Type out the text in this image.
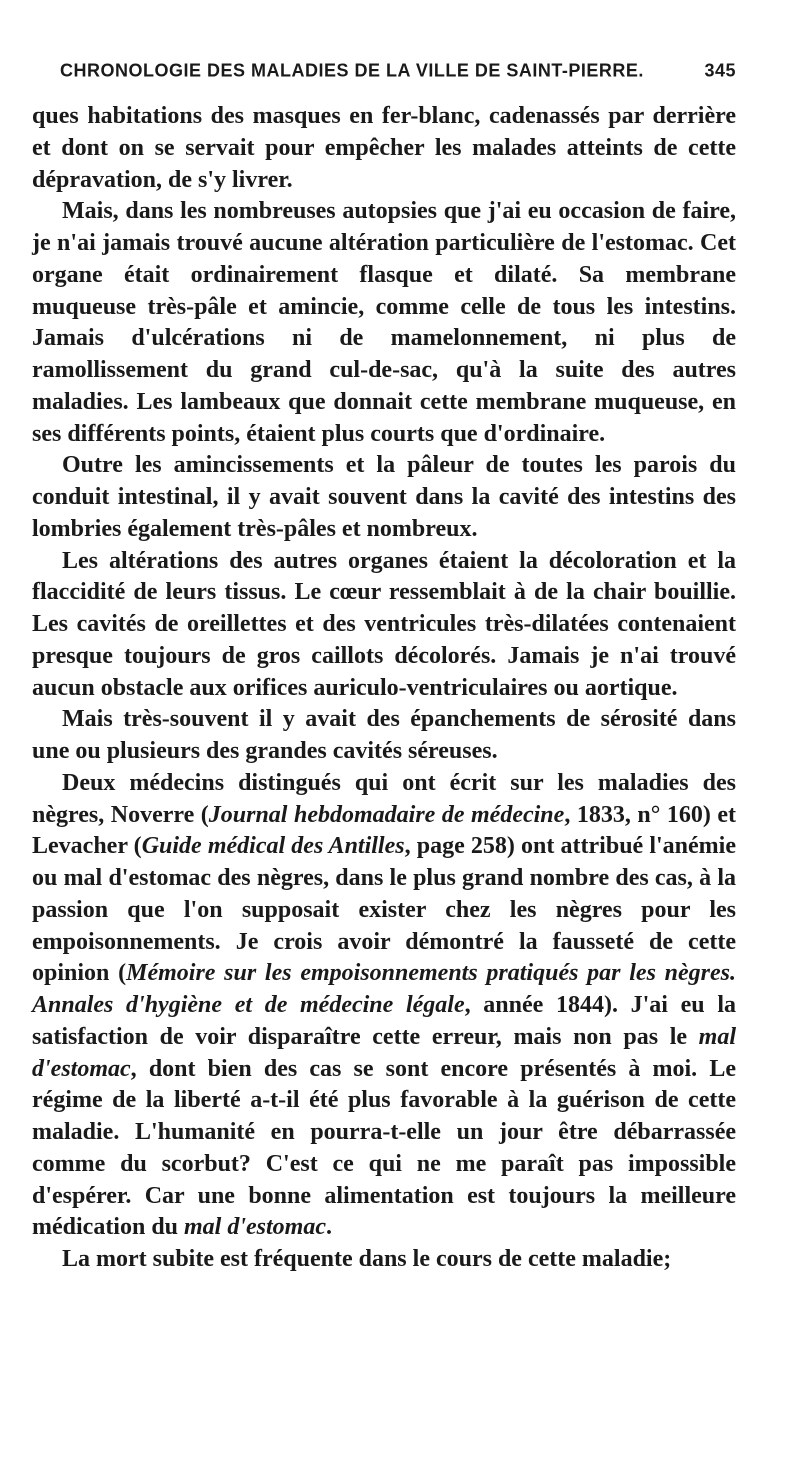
CHRONOLOGIE DES MALADIES DE LA VILLE DE SAINT-PIERRE.	345

ques habitations des masques en fer-blanc, cadenassés par derrière et dont on se servait pour empêcher les malades atteints de cette dépravation, de s'y livrer.

Mais, dans les nombreuses autopsies que j'ai eu occasion de faire, je n'ai jamais trouvé aucune altération particulière de l'estomac. Cet organe était ordinairement flasque et dilaté. Sa membrane muqueuse très-pâle et amincie, comme celle de tous les intestins. Jamais d'ulcérations ni de mamelonnement, ni plus de ramollissement du grand cul-de-sac, qu'à la suite des autres maladies. Les lambeaux que donnait cette membrane muqueuse, en ses différents points, étaient plus courts que d'ordinaire.

Outre les amincissements et la pâleur de toutes les parois du conduit intestinal, il y avait souvent dans la cavité des intestins des lombries également très-pâles et nombreux.

Les altérations des autres organes étaient la décoloration et la flaccidité de leurs tissus. Le cœur ressemblait à de la chair bouillie. Les cavités de oreillettes et des ventricules très-dilatées contenaient presque toujours de gros caillots décolorés. Jamais je n'ai trouvé aucun obstacle aux orifices auriculo-ventriculaires ou aortique.

Mais très-souvent il y avait des épanchements de sérosité dans une ou plusieurs des grandes cavités séreuses.

Deux médecins distingués qui ont écrit sur les maladies des nègres, Noverre (Journal hebdomadaire de médecine, 1833, n° 160) et Levacher (Guide médical des Antilles, page 258) ont attribué l'anémie ou mal d'estomac des nègres, dans le plus grand nombre des cas, à la passion que l'on supposait exister chez les nègres pour les empoisonnements. Je crois avoir démontré la fausseté de cette opinion (Mémoire sur les empoisonnements pratiqués par les nègres. Annales d'hygiène et de médecine légale, année 1844). J'ai eu la satisfaction de voir disparaître cette erreur, mais non pas le mal d'estomac, dont bien des cas se sont encore présentés à moi. Le régime de la liberté a-t-il été plus favorable à la guérison de cette maladie. L'humanité en pourra-t-elle un jour être débarrassée comme du scorbut? C'est ce qui ne me paraît pas impossible d'espérer. Car une bonne alimentation est toujours la meilleure médication du mal d'estomac.

La mort subite est fréquente dans le cours de cette maladie;
